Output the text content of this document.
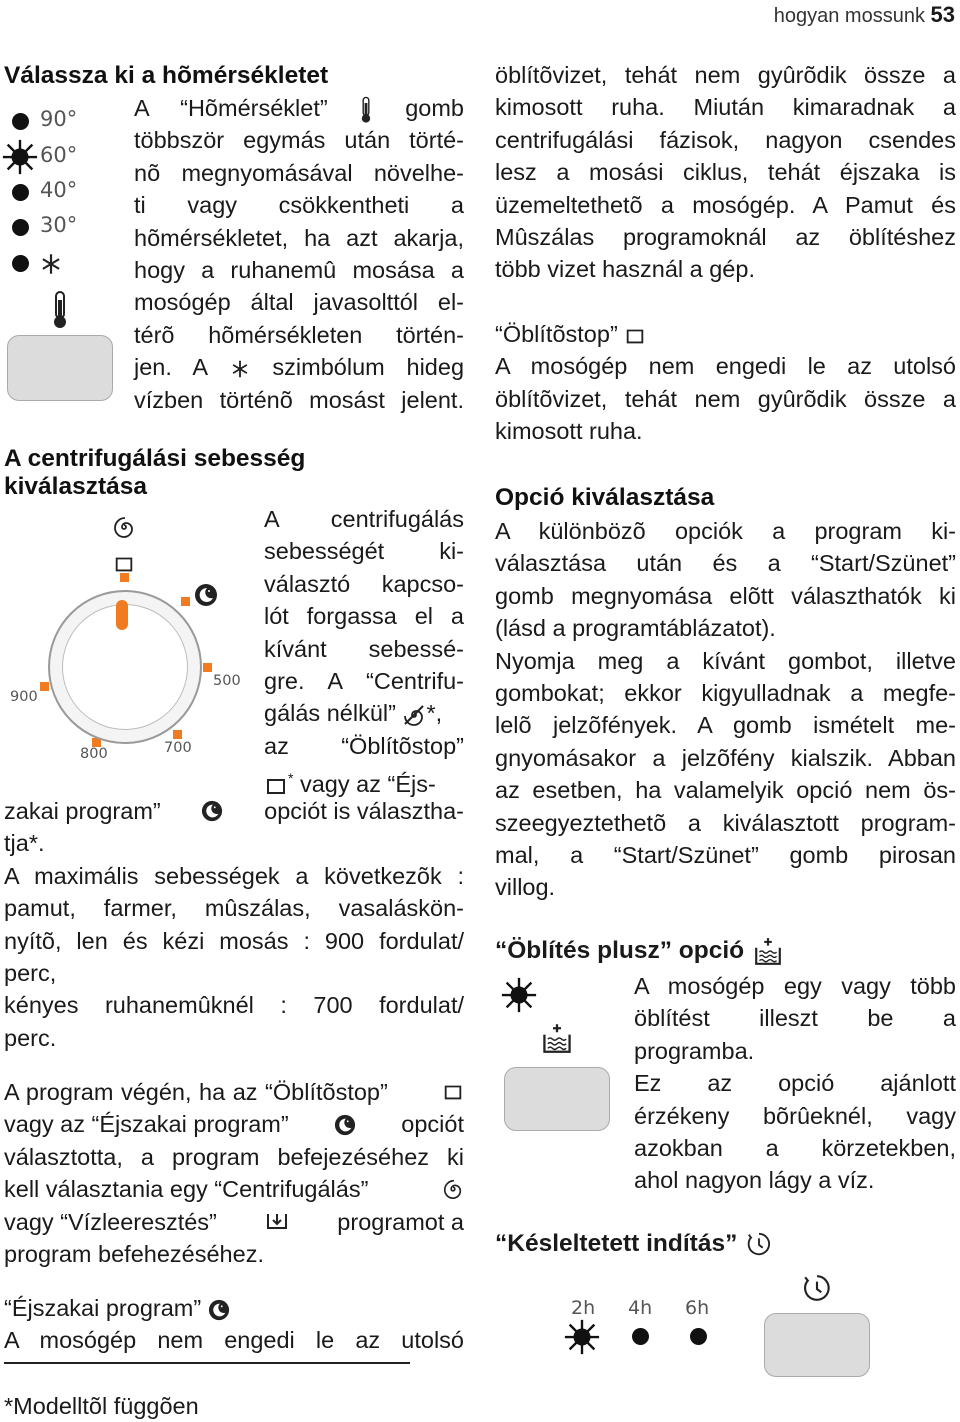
hogyan mossunk 53
Válassza ki a hõmérsékletet
90°
60°
40°
30°
A “Hõmérséklet”	gomb
többször egymás után törté-
nõ megnyomásával növelhe-
ti vagy csökkentheti a
hõmérsékletet, ha azt akarja,
hogy a ruhanemû mosása a
mosógép által javasolttól el-
térõ hõmérsékleten történ-
jen. A	szimbólum hideg
vízben történõ mosást jelent.
A centrifugálási sebesség
kiválasztása
900
800	700
500
A centrifugálás
sebességét ki-
választó kapcso-
lót forgassa el a
kívánt sebessé-
gre. A “Centrifu-
gálás nélkül” *,
az “Öblítõstop”
* vagy az “Éjs-
zakai program”	opciót is választha-
tja*.
A maximális sebességek a következõk :
pamut, farmer, mûszálas, vasaláskön-
nyítõ, len és kézi mosás : 900 fordulat/
perc,
kényes ruhanemûknél : 700 fordulat/
perc.
A program végén, ha az “Öblítõstop”
vagy az “Éjszakai program”	opciót
választotta, a program befejezéséhez ki
kell választania egy “Centrifugálás”
vagy “Vízleeresztés”	programot a
program befehezéséhez.
“Éjszakai program”
A mosógép nem engedi le az utolsó
*Modelltõl függõen
öblítõvizet, tehát nem gyûrõdik össze a
kimosott ruha. Miután kimaradnak a
centrifugálási fázisok, nagyon csendes
lesz a mosási ciklus, tehát éjszaka is
üzemeltethetõ a mosógép. A Pamut és
Mûszálas programoknál az öblítéshez
több vizet használ a gép.
“Öblítõstop”
A mosógép nem engedi le az utolsó
öblítõvizet, tehát nem gyûrõdik össze a
kimosott ruha.
Opció kiválasztása
A különbözõ opciók a program ki-
választása után és a “Start/Szünet”
gomb megnyomása elõtt választhatók ki
(lásd a programtáblázatot).
Nyomja meg a kívánt gombot, illetve
gombokat; ekkor kigyulladnak a megfe-
lelõ jelzõfények. A gomb ismételt me-
gnyomásakor a jelzõfény kialszik. Abban
az esetben, ha valamelyik opció nem ös-
szeegyeztethetõ a kiválasztott program-
mal, a “Start/Szünet” gomb pirosan
villog.
“Öblítés plusz” opció
A mosógép egy vagy több
öblítést illeszt be a
programba.
Ez az opció ajánlott
érzékeny bõrûeknél, vagy
azokban a körzetekben,
ahol nagyon lágy a víz.
“Késleltetett indítás”
2h 4h 6h
